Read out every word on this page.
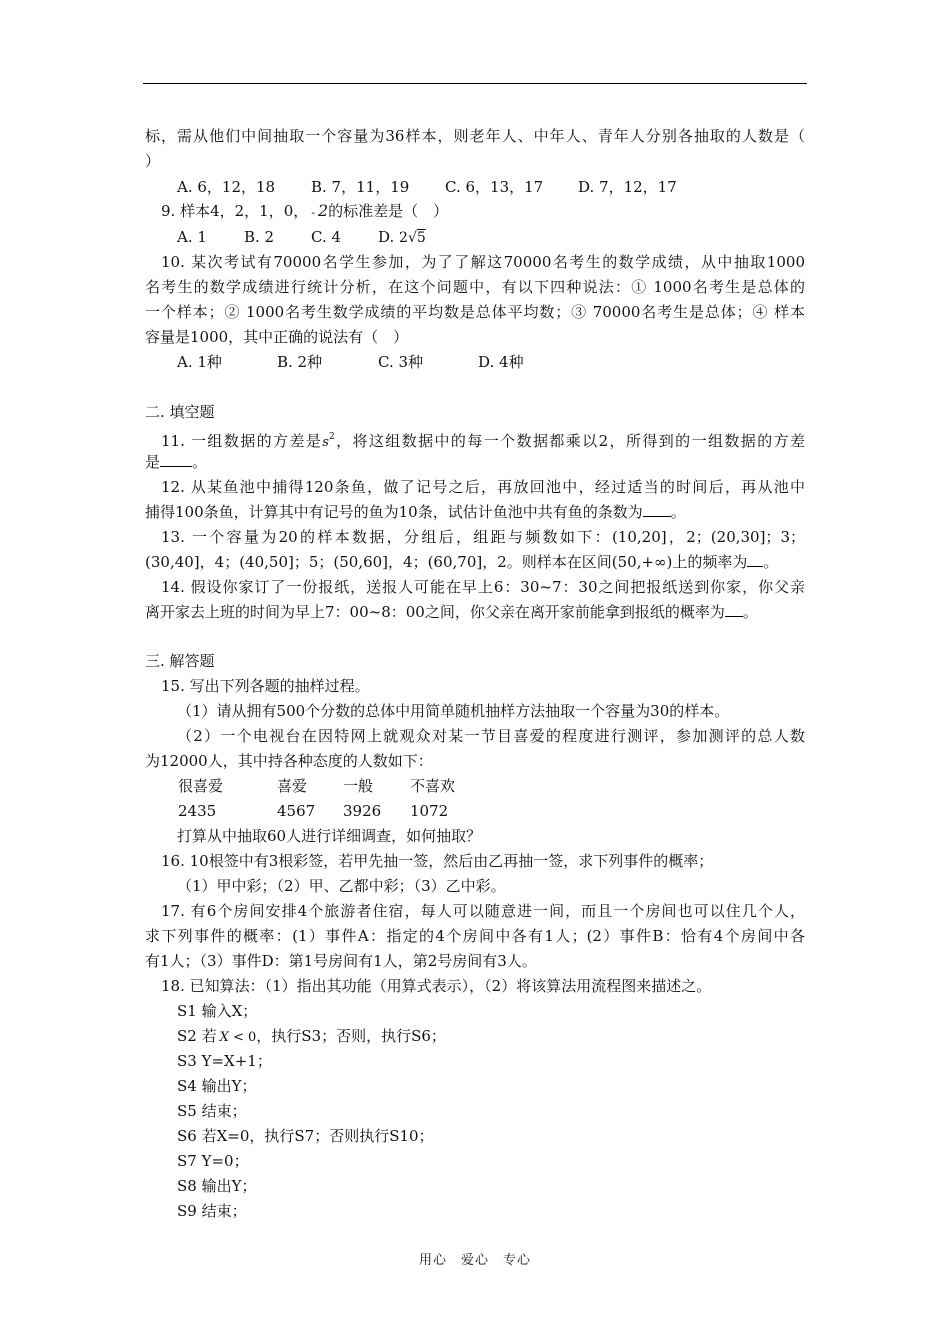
标，需从他们中间抽取一个容量为36样本，则老年人、中年人、青年人分别各抽取的人数是（
）
A. 6，12，18 B. 7，11，19 C. 6，13，17 D. 7，12，17
9. 样本4，2，1，0， - 2的标准差是（　）
A. 1 B. 2 C. 4 D. 2√5
10. 某次考试有70000名学生参加，为了了解这70000名考生的数学成绩，从中抽取1000
名考生的数学成绩进行统计分析，在这个问题中，有以下四种说法：① 1000名考生是总体的
一个样本；② 1000名考生数学成绩的平均数是总体平均数；③ 70000名考生是总体；④ 样本
容量是1000，其中正确的说法有（　）
A. 1种	B. 2种	C. 3种	D. 4种
二. 填空题
11. 一组数据的方差是$s^2$，将这组数据中的每一个数据都乘以2，所得到的一组数据的方差
是 。
12. 从某鱼池中捕得120条鱼，做了记号之后，再放回池中，经过适当的时间后，再从池中
捕得100条鱼，计算其中有记号的鱼为10条，试估计鱼池中共有鱼的条数为 。
13. 一个容量为20的样本数据，分组后，组距与频数如下：(10,20]，2；(20,30]；3；
(30,40]，4；(40,50]；5；(50,60]，4；(60,70]，2。则样本在区间(50,+∞)上的频率为 。
14. 假设你家订了一份报纸，送报人可能在早上6：30~7：30之间把报纸送到你家，你父亲
离开家去上班的时间为早上7：00~8：00之间，你父亲在离开家前能拿到报纸的概率为 。
三. 解答题
15. 写出下列各题的抽样过程。
（1）请从拥有500个分数的总体中用简单随机抽样方法抽取一个容量为30的样本。
（2）一个电视台在因特网上就观众对某一节目喜爱的程度进行测评，参加测评的总人数
为12000人，其中持各种态度的人数如下：
很喜爱	喜爱 一般 不喜欢
2435	4567 3926 1072
打算从中抽取60人进行详细调查，如何抽取？
16. 10根签中有3根彩签，若甲先抽一签，然后由乙再抽一签，求下列事件的概率；
（1）甲中彩；（2）甲、乙都中彩；（3）乙中彩。
17. 有6个房间安排4个旅游者住宿，每人可以随意进一间，而且一个房间也可以住几个人，
求下列事件的概率：(1）事件A：指定的4个房间中各有1人；(2）事件B：恰有4个房间中各
有1人；（3）事件D：第1号房间有1人，第2号房间有3人。
18. 已知算法：（1）指出其功能（用算式表示），（2）将该算法用流程图来描述之。
S1 输入X；
S2 若 X < 0，执行S3；否则，执行S6；
S3 Y=X+1；
S4 输出Y；
S5 结束；
S6 若X=0，执行S7；否则执行S10；
S7 Y=0；
S8 输出Y；
S9 结束；
用心　爱心　专心
